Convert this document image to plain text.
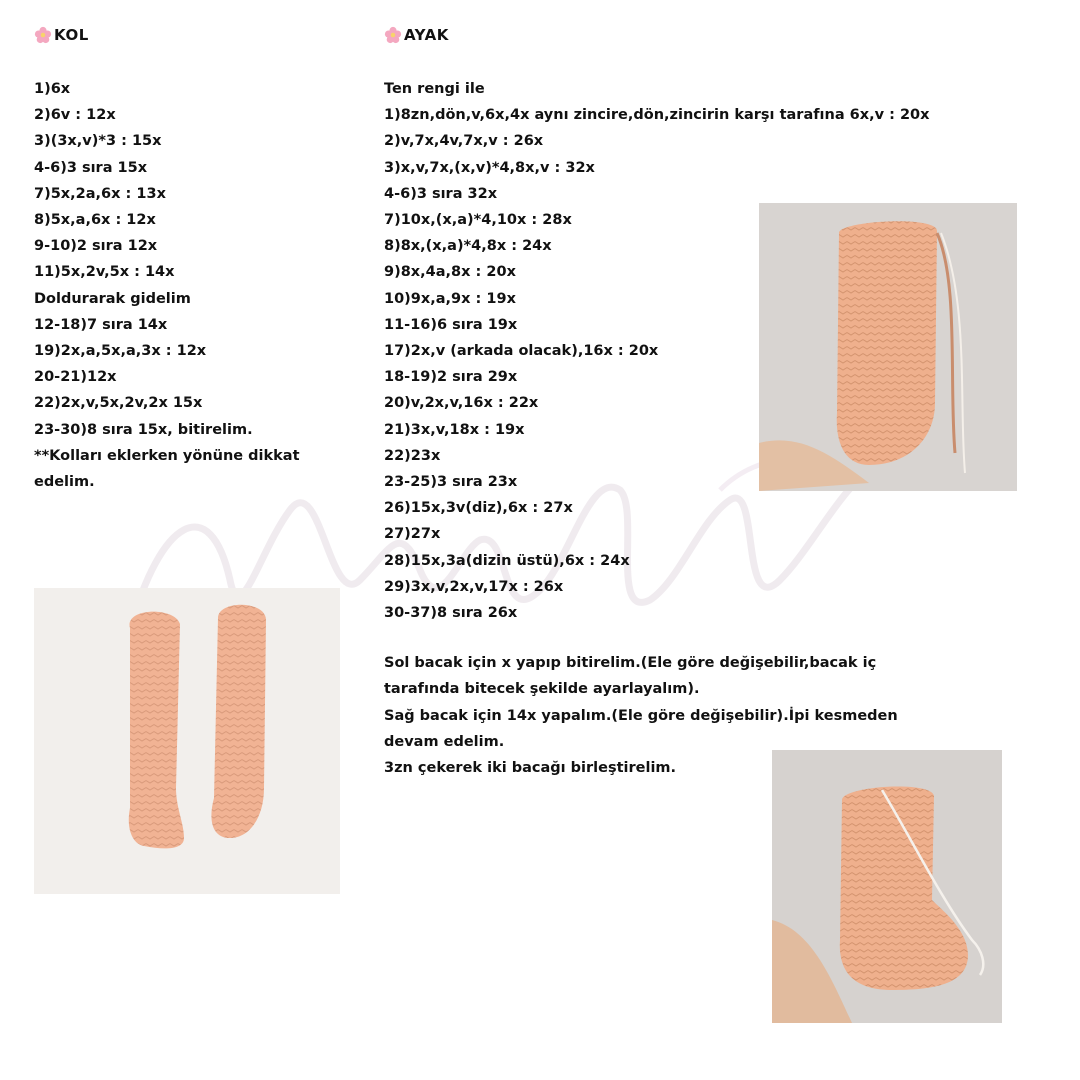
KOL
1)6x
2)6v : 12x
3)(3x,v)*3 : 15x
4-6)3 sıra 15x
7)5x,2a,6x : 13x
8)5x,a,6x : 12x
9-10)2 sıra 12x
11)5x,2v,5x : 14x
Doldurarak gidelim
12-18)7 sıra 14x
19)2x,a,5x,a,3x : 12x
20-21)12x
22)2x,v,5x,2v,2x 15x
23-30)8 sıra 15x, bitirelim.
**Kolları eklerken yönüne dikkat
edelim.
AYAK
Ten rengi ile
1)8zn,dön,v,6x,4x aynı zincire,dön,zincirin karşı tarafına 6x,v : 20x
2)v,7x,4v,7x,v : 26x
3)x,v,7x,(x,v)*4,8x,v : 32x
4-6)3 sıra 32x
7)10x,(x,a)*4,10x : 28x
8)8x,(x,a)*4,8x : 24x
9)8x,4a,8x : 20x
10)9x,a,9x : 19x
11-16)6 sıra 19x
17)2x,v (arkada olacak),16x : 20x
18-19)2 sıra 29x
20)v,2x,v,16x : 22x
21)3x,v,18x : 19x
22)23x
23-25)3 sıra 23x
26)15x,3v(diz),6x : 27x
27)27x
28)15x,3a(dizin üstü),6x : 24x
29)3x,v,2x,v,17x : 26x
30-37)8 sıra 26x
Sol bacak için x yapıp bitirelim.(Ele göre değişebilir,bacak iç
tarafında bitecek şekilde ayarlayalım).
Sağ bacak için 14x yapalım.(Ele göre değişebilir).İpi kesmeden
devam edelim.
3zn çekerek iki bacağı birleştirelim.
